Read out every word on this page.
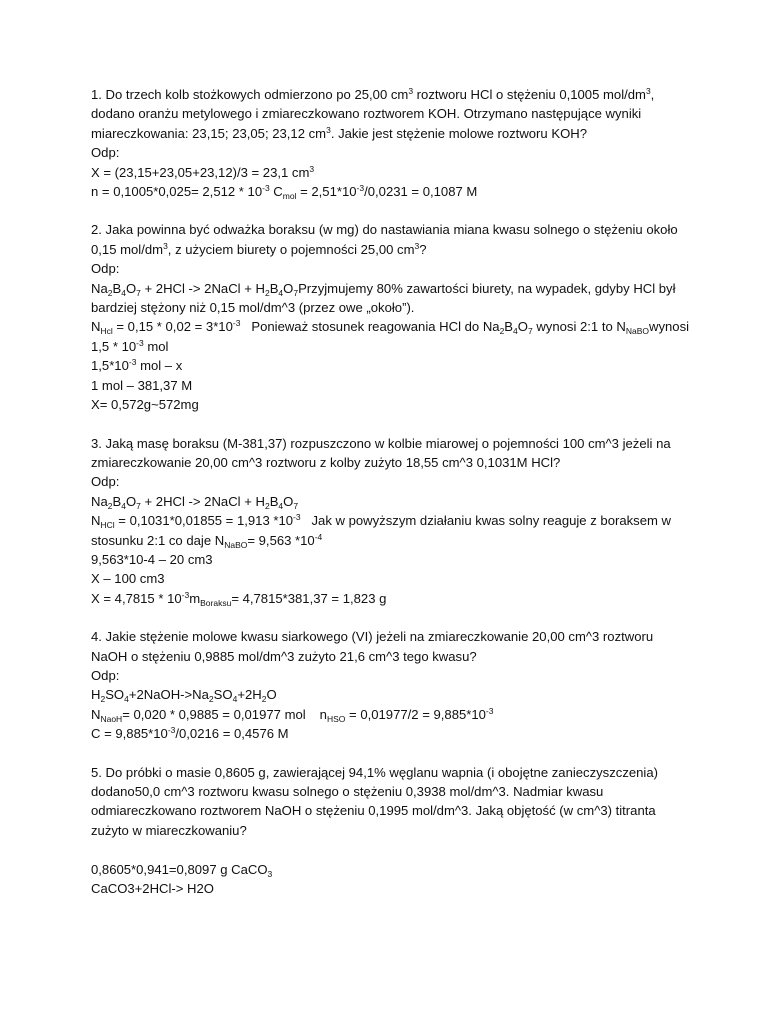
1. Do trzech kolb stożkowych odmierzono po 25,00 $cm^3$ roztworu HCl o stężeniu 0,1005 mol/$dm^3$,
dodano oranżu metylowego i zmiareczkowano roztworem KOH. Otrzymano następujące wyniki
miareczkowania: 23,15; 23,05; 23,12 $cm^3$. Jakie jest stężenie molowe roztworu KOH?
Odp:
X = (23,15+23,05+23,12)/3 = 23,1 $cm^3$
$n = 0,1005*0,025= 2,512 * 10^{-3}$ $C_{mol} = 2,51*10^{-3}/0,0231 = 0,1087$ M
2. Jaka powinna być odważka boraksu (w mg) do nastawiania miana kwasu solnego o stężeniu około
0,15 mol/$dm^3$, z użyciem biurety o pojemności 25,00 $cm^3$?
Odp:
$Na_2B_4O_7 + 2HCl$ -> 2NaCl + $H_2B_4O_7Przyjmujemy$ 80% zawartości biurety, na wypadek, gdyby HCl był
bardziej stężony niż 0,15 mol/dm^3 (przez owe „około”).
$N_{Hcl} = 0,15 * 0,02 = 3*10^{-3}$   Ponieważ stosunek reagowania HCl do $Na_2B_4O_7$ wynosi 2:1 to $N_{NaBO}wynosi$
$1,5 * 10^{-3}$ mol
$1,5*10^{-3}$ mol – x
1 mol – 381,37 M
X= 0,572g~572mg
3. Jaką masę boraksu (M-381,37) rozpuszczono w kolbie miarowej o pojemności 100 cm^3 jeżeli na
zmiareczkowanie 20,00 cm^3 roztworu z kolby zużyto 18,55 cm^3 0,1031M HCl?
Odp:
$Na_2B_4O_7 + 2HCl$ -> 2NaCl + $H_2B_4O_7$
$N_{HCl} = 0,1031*0,01855 = 1,913$ $*10^{-3}$   Jak w powyższym działaniu kwas solny reaguje z boraksem w
stosunku 2:1 co daje $N_{NaBO}= 9,563$ $*10^{-4}$
9,563*10-4 – 20 cm3
X – 100 cm3
$X = 4,7815 * 10^{-3}m_{Boraksu}= 4,7815*381,37 = 1,823$ g
4. Jakie stężenie molowe kwasu siarkowego (VI) jeżeli na zmiareczkowanie 20,00 cm^3 roztworu
NaOH o stężeniu 0,9885 mol/dm^3 zużyto 21,6 cm^3 tego kwasu?
Odp:
$H_2SO_4+2NaOH->Na_2SO_4+2H_2O$
$N_{NaoH}= 0,020 * 0,9885 = 0,01977$ mol $n_{HSO} = 0,01977/2 = 9,885*10^{-3}$
$C = 9,885*10^{-3}/0,0216 = 0,4576$ M
5. Do próbki o masie 0,8605 g, zawierającej 94,1% węglanu wapnia (i obojętne zanieczyszczenia)
dodano50,0 cm^3 roztworu kwasu solnego o stężeniu 0,3938 mol/dm^3. Nadmiar kwasu
odmiareczkowano roztworem NaOH o stężeniu 0,1995 mol/dm^3. Jaką objętość (w cm^3) titranta
zużyto w miareczkowaniu?

0,8605*0,941=0,8097 g CaCO$_3$
CaCO3+2HCl-> H2O
